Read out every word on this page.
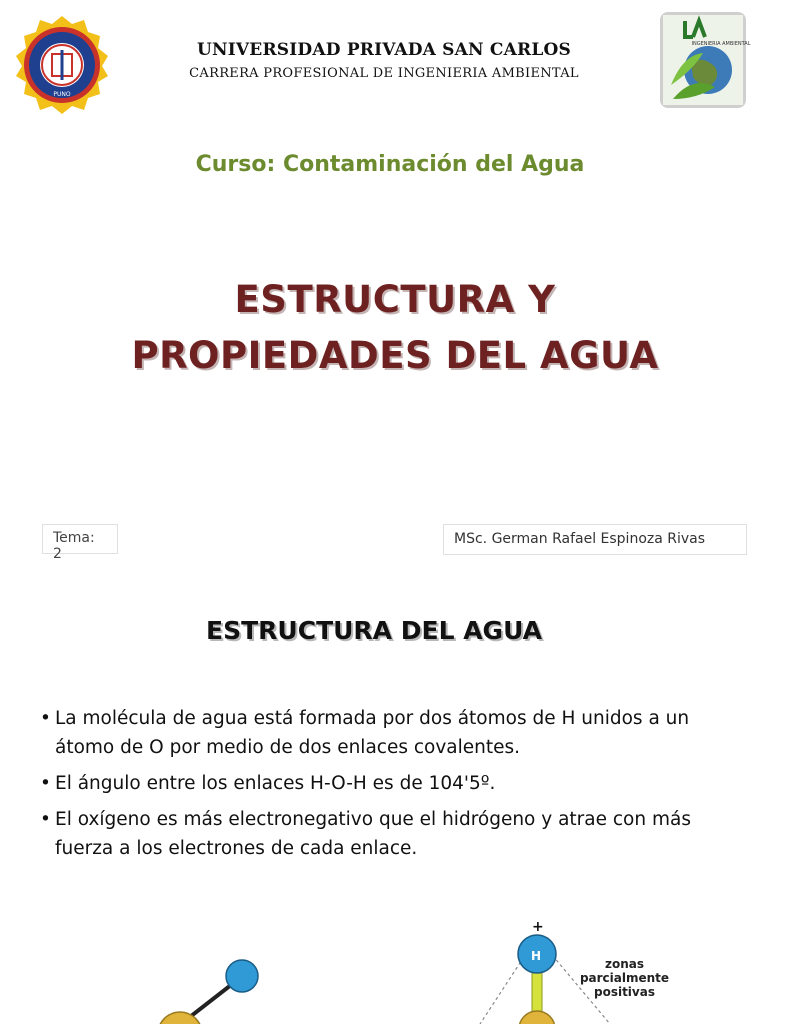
PUNO
INGENIERIA AMBIENTAL
UNIVERSIDAD PRIVADA SAN CARLOS
CARRERA PROFESIONAL DE INGENIERIA AMBIENTAL
Curso: Contaminación del Agua
ESTRUCTURA Y
PROPIEDADES DEL AGUA
Tema: 2
MSc. German Rafael Espinoza Rivas
ESTRUCTURA DEL AGUA
• La molécula de agua está formada por dos átomos de H unidos a un átomo de O por medio de dos enlaces covalentes.
• El ángulo entre los enlaces H-O-H es de 104'5º.
• El oxígeno es más electronegativo que el hidrógeno y atrae con más fuerza a los electrones de cada enlace.
+
H
zonas
parcialmente
positivas
